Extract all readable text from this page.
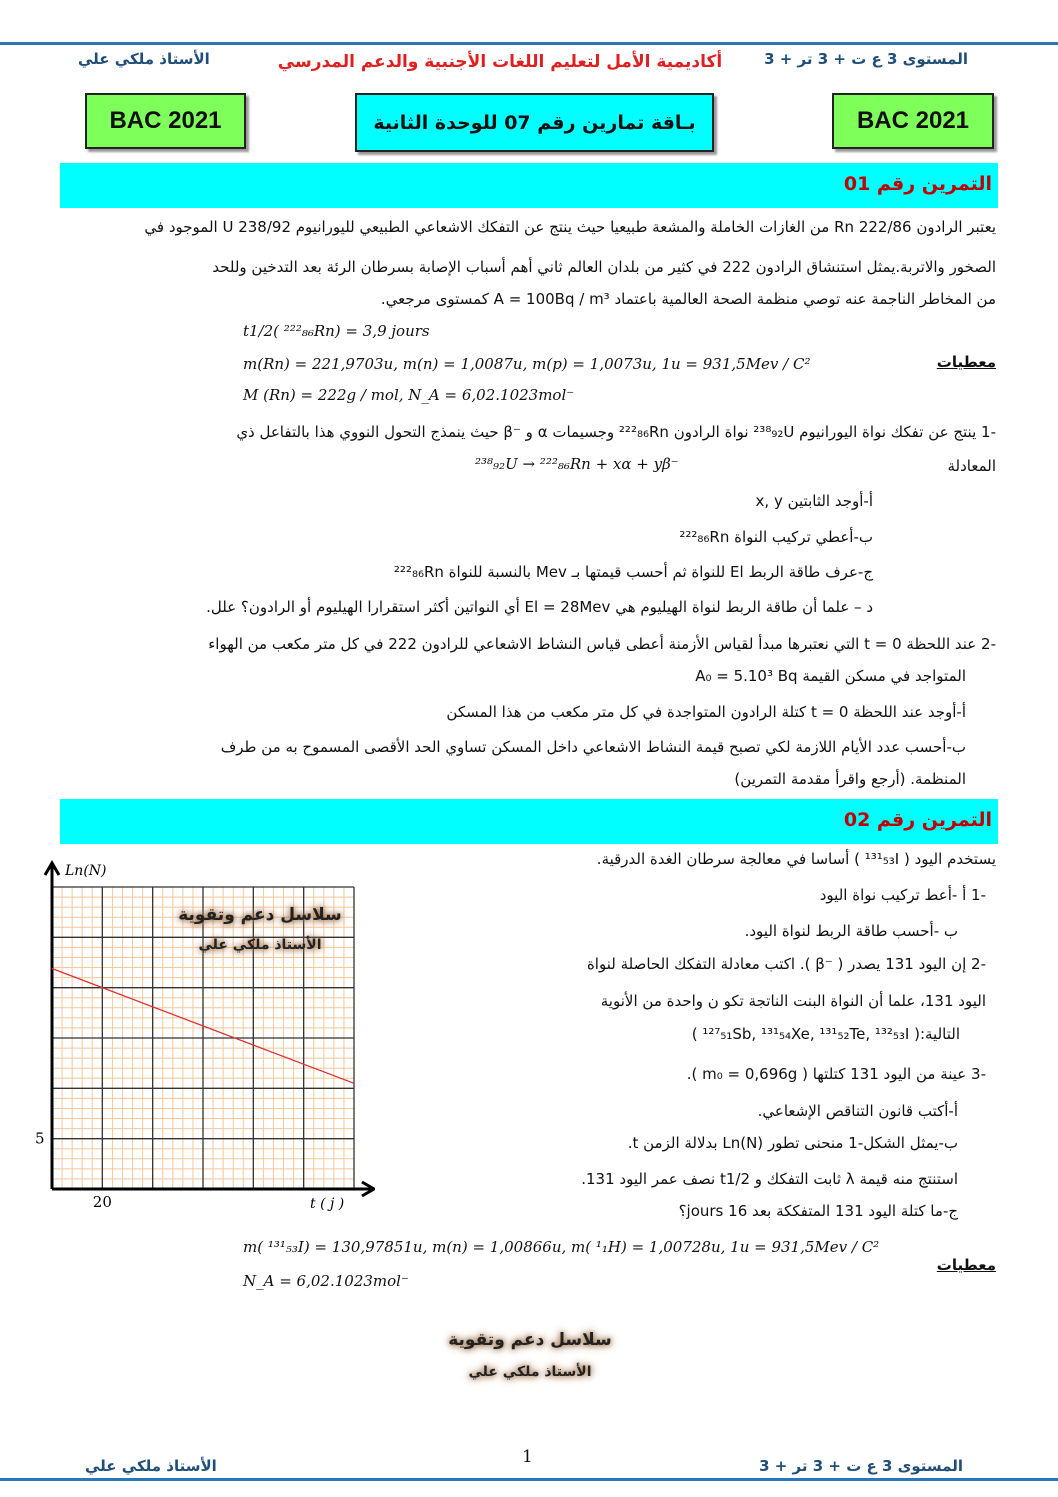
المستوى 3 ع ت + 3 تر + 3
أكاديمية الأمل لتعليم اللغات الأجنبية والدعم المدرسي
الأستاذ ملكي علي
BAC 2021	بـاقة تمارين رقم 07 للوحدة الثانية	BAC 2021
التمرين رقم 01
يعتبر الرادون Rn 222/86 من الغازات الخاملة والمشعة طبيعيا حيث ينتج عن التفكك الاشعاعي الطبيعي لليورانيوم U 238/92 الموجود في
الصخور والاتربة.يمثل استنشاق الرادون 222 في كثير من بلدان العالم ثاني أهم أسباب الإصابة بسرطان الرئة بعد التدخين وللحد
من المخاطر الناجمة عنه توصي منظمة الصحة العالمية باعتماد A = 100Bq / m³ كمستوى مرجعي.
t1/2( ²²²₈₆Rn) = 3,9 jours
m(Rn) = 221,9703u, m(n) = 1,0087u, m(p) = 1,0073u, 1u = 931,5Mev / C²
M (Rn) = 222g / mol, N_A = 6,02.1023mol⁻
معطيات
-1 ينتج عن تفكك نواة اليورانيوم ²³⁸₉₂U نواة الرادون ²²²₈₆Rn وجسيمات α و ⁻β حيث ينمذج التحول النووي هذا بالتفاعل ذي
المعادلة
²³⁸₉₂U → ²²²₈₆Rn + xα + yβ⁻
أ-أوجد الثابتين x, y
ب-أعطي تركيب النواة ²²²₈₆Rn
ج-عرف طاقة الربط El للنواة ثم أحسب قيمتها بـ Mev بالنسبة للنواة ²²²₈₆Rn
د – علما أن طاقة الربط لنواة الهيليوم هي El = 28Mev أي النواتين أكثر استقرارا الهيليوم أو الرادون؟ علل.
-2 عند اللحظة t = 0 التي نعتبرها مبدأ لقياس الأزمنة أعطى قياس النشاط الاشعاعي للرادون 222 في كل متر مكعب من الهواء
المتواجد في مسكن القيمة A₀ = 5.10³ Bq
أ-أوجد عند اللحظة t = 0 كتلة الرادون المتواجدة في كل متر مكعب من هذا المسكن
ب-أحسب عدد الأيام اللازمة لكي تصبح قيمة النشاط الاشعاعي داخل المسكن تساوي الحد الأقصى المسموح به من طرف
المنظمة. (أرجع واقرأ مقدمة التمرين)
التمرين رقم 02
يستخدم اليود ( ¹³¹₅₃I ) أساسا في معالجة سرطان الغدة الدرقية.
-1 أ -أعط تركيب نواة اليود
ب -أحسب طاقة الربط لنواة اليود.
-2 إن اليود 131 يصدر ( ⁻β ). اكتب معادلة التفكك الحاصلة لنواة
اليود 131، علما أن النواة البنت الناتجة تكو ن واحدة من الأنوية
التالية:( ¹²⁷₅₁Sb, ¹³¹₅₄Xe, ¹³¹₅₂Te, ¹³²₅₃I )
-3 عينة من اليود 131 كتلتها ( m₀ = 0,696g ).
أ-أكتب قانون التناقص الإشعاعي.
ب-يمثل الشكل-1 منحنى تطور Ln(N) بدلالة الزمن t.
استنتج منه قيمة λ ثابت التفكك و t1/2 نصف عمر اليود 131.
ج-ما كتلة اليود 131 المتفككة بعد 16 jours؟
m( ¹³¹₅₃I) = 130,97851u, m(n) = 1,00866u, m( ¹₁H) = 1,00728u, 1u = 931,5Mev / C²
N_A = 6,02.1023mol⁻
معطيات
Ln(N)
t ( j )
20
5
سلاسل دعم وتقوية
الأستاذ ملكي علي
سلاسل دعم وتقوية
الأستاذ ملكي علي
المستوى 3 ع ت + 3 تر + 3
1
الأستاذ ملكي علي
